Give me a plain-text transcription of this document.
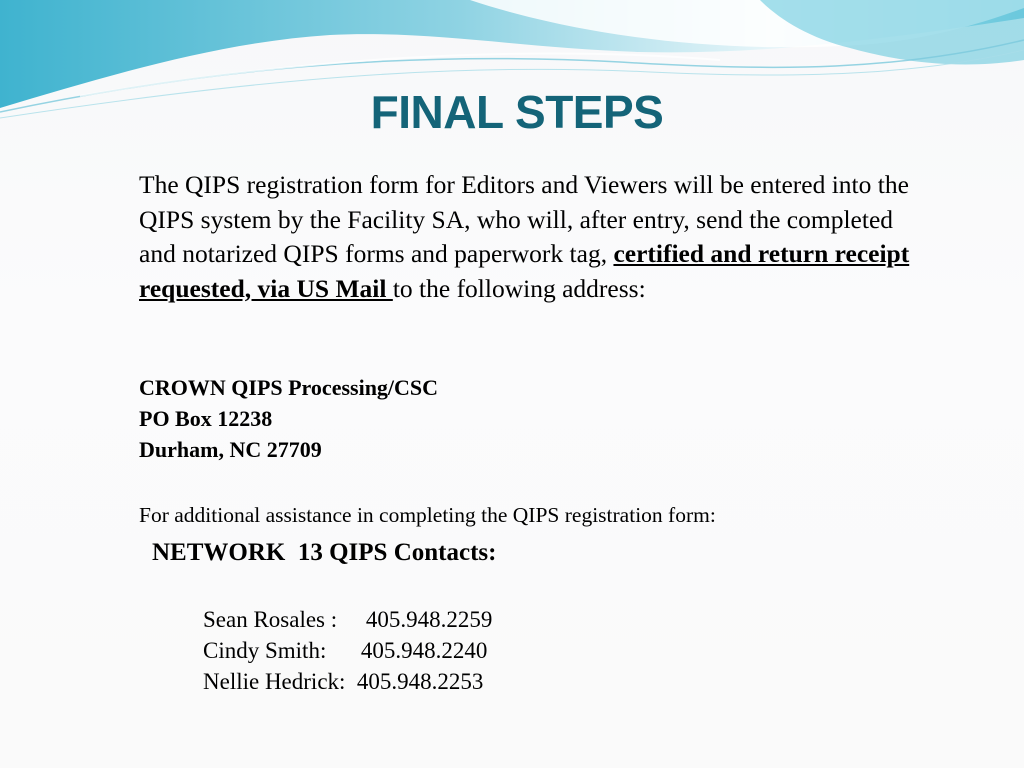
FINAL STEPS
The QIPS registration form for Editors and Viewers will be entered into the QIPS system by the Facility SA, who will, after entry, send the completed and notarized QIPS forms and paperwork tag, certified and return receipt requested, via US Mail to the following address:
CROWN QIPS Processing/CSC
PO Box 12238
Durham, NC 27709
For additional assistance in completing the QIPS registration form:
NETWORK  13 QIPS Contacts:
Sean Rosales :     405.948.2259
Cindy Smith:      405.948.2240
Nellie Hedrick:  405.948.2253
